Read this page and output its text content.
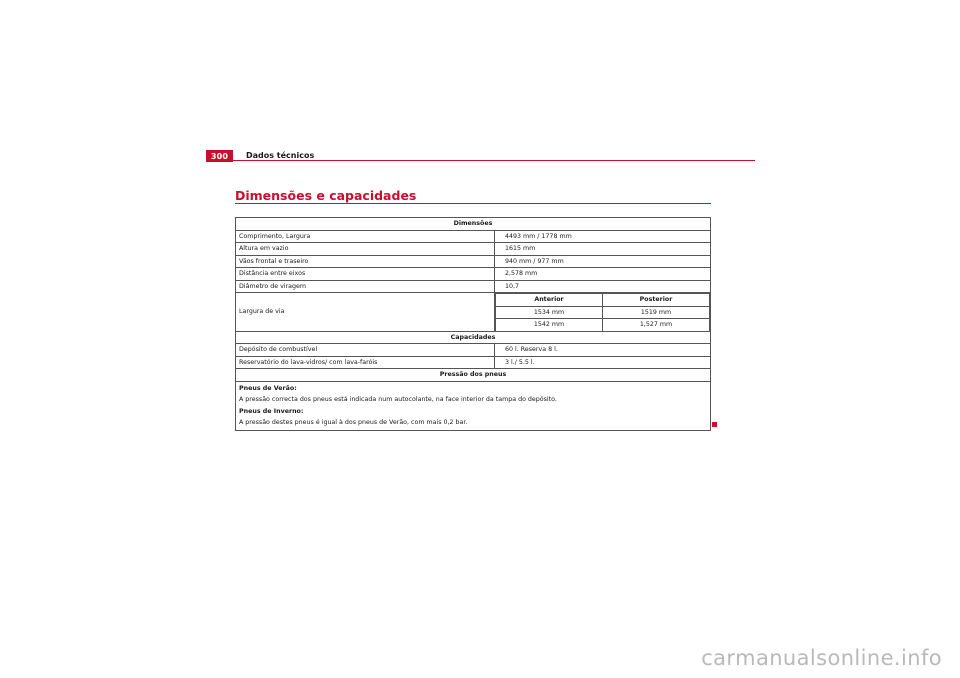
300	Dados técnicos
Dimensões e capacidades
Dimensões
Comprimento, Largura	4493 mm / 1778 mm
Altura em vazio	1615 mm
Vãos frontal e traseiro	940 mm / 977 mm
Distância entre eixos	2,578 mm
Diâmetro de viragem	10,7
Largura de via	
Anterior	Posterior
1534 mm	1519 mm
1542 mm	1,527 mm

Capacidades
Depósito de combustível	60 l. Reserva 8 l.
Reservatório do lava-vidros/ com lava-faróis	3 l./ 5.5 l.
Pressão dos pneus

Pneus de Verão:
A pressão correcta dos pneus está indicada num autocolante, na face interior da tampa do depósito.
Pneus de Inverno:
A pressão destes pneus é igual à dos pneus de Verão, com mais 0,2 bar.
carmanualsonline.info
